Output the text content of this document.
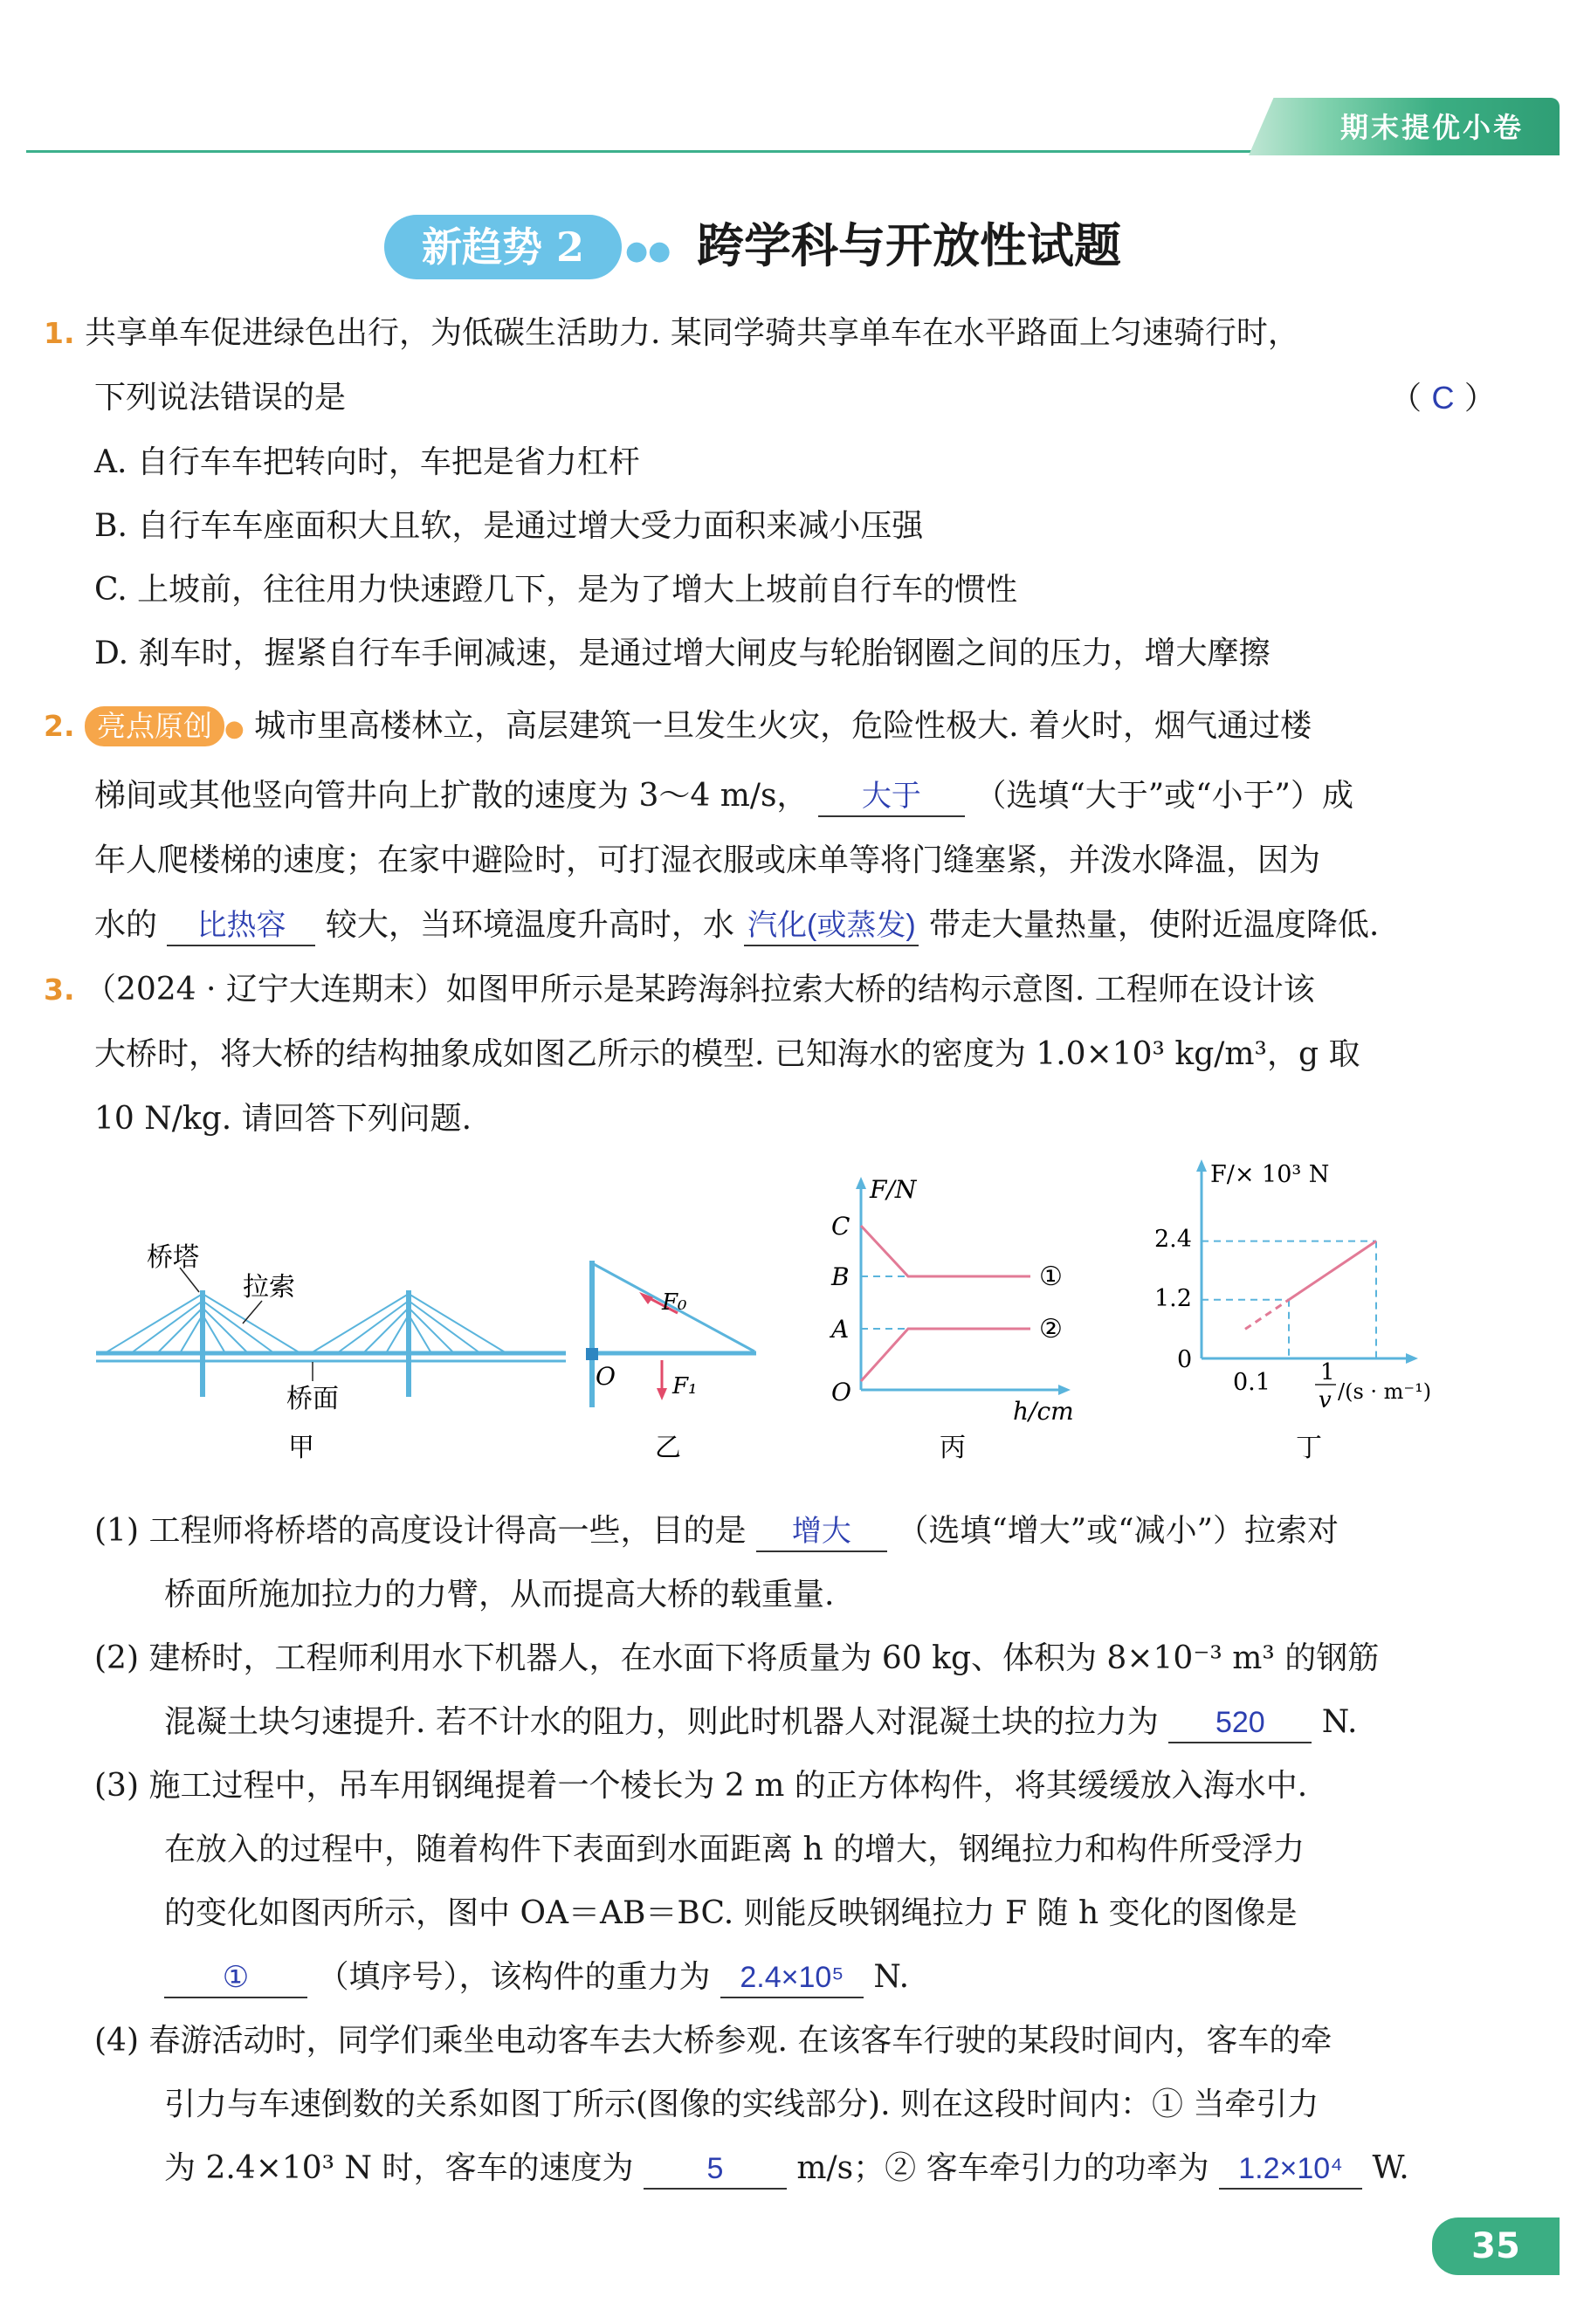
期末提优小卷
新趋势 2	●● 跨学科与开放性试题
1. 共享单车促进绿色出行，为低碳生活助力. 某同学骑共享单车在水平路面上匀速骑行时，
下列说法错误的是	（ C ）
A. 自行车车把转向时，车把是省力杠杆
B. 自行车车座面积大且软，是通过增大受力面积来减小压强
C. 上坡前，往往用力快速蹬几下，是为了增大上坡前自行车的惯性
D. 刹车时，握紧自行车手闸减速，是通过增大闸皮与轮胎钢圈之间的压力，增大摩擦
2. 亮点原创 ● 城市里高楼林立，高层建筑一旦发生火灾，危险性极大. 着火时，烟气通过楼
梯间或其他竖向管井向上扩散的速度为 3～4 m/s， 大于 （选填“大于”或“小于”）成
年人爬楼梯的速度；在家中避险时，可打湿衣服或床单等将门缝塞紧，并泼水降温，因为
水的 比热容 较大，当环境温度升高时，水 汽化(或蒸发) 带走大量热量，使附近温度降低.
3. （2024 · 辽宁大连期末）如图甲所示是某跨海斜拉索大桥的结构示意图. 工程师在设计该
大桥时，将大桥的结构抽象成如图乙所示的模型. 已知海水的密度为 1.0×10³ kg/m³，g 取
10 N/kg. 请回答下列问题.
桥塔
拉索
桥面
甲
F₀
O	F₁
乙
F/N
C
B
A
O
①
②
h/cm
丙
F/× 10³ N
2.4
1.2
0
0.1 1
v /(s · m⁻¹)
丁
(1) 工程师将桥塔的高度设计得高一些，目的是 增大 （选填“增大”或“减小”）拉索对
桥面所施加拉力的力臂，从而提高大桥的载重量.
(2) 建桥时，工程师利用水下机器人，在水面下将质量为 60 kg、体积为 8×10⁻³ m³ 的钢筋
混凝土块匀速提升. 若不计水的阻力，则此时机器人对混凝土块的拉力为 520 N.
(3) 施工过程中，吊车用钢绳提着一个棱长为 2 m 的正方体构件，将其缓缓放入海水中.
在放入的过程中，随着构件下表面到水面距离 h 的增大，钢绳拉力和构件所受浮力
的变化如图丙所示，图中 OA＝AB＝BC. 则能反映钢绳拉力 F 随 h 变化的图像是
① （填序号），该构件的重力为 2.4×10⁵ N.
(4) 春游活动时，同学们乘坐电动客车去大桥参观. 在该客车行驶的某段时间内，客车的牵
引力与车速倒数的关系如图丁所示(图像的实线部分). 则在这段时间内：① 当牵引力
为 2.4×10³ N 时，客车的速度为 5 m/s；② 客车牵引力的功率为 1.2×10⁴ W.
35
